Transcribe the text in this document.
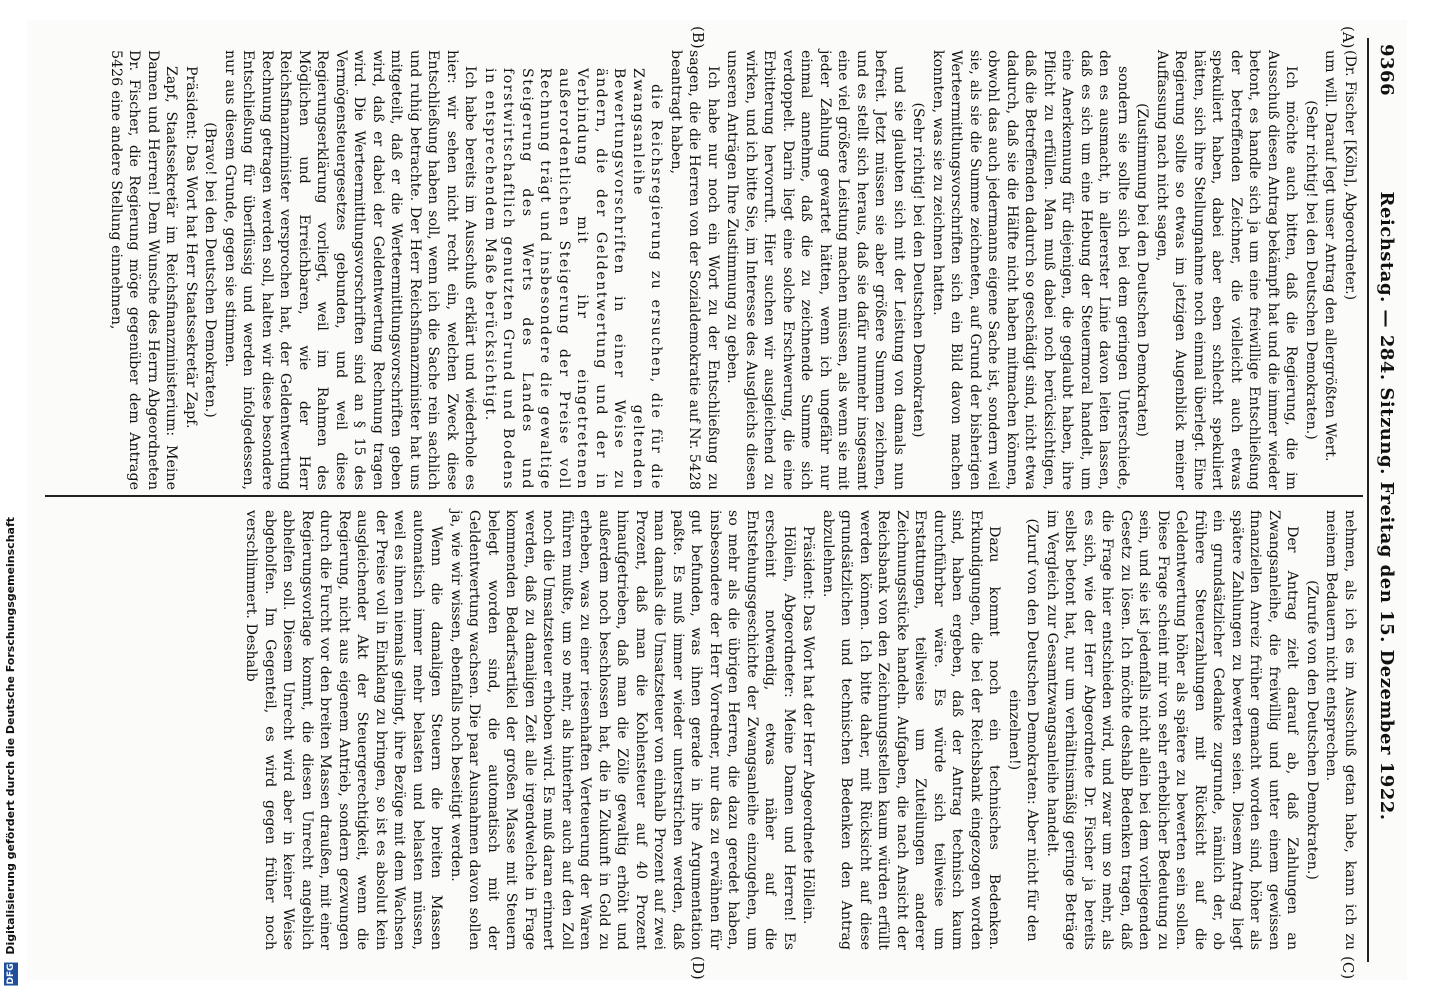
9366
Reichstag. — 284. Sitzung. Freitag den 15. Dezember 1922.
(A)
(B)
(C)
(D)

(Dr. Fischer [Köln], Abgeordneter.)

um will. Darauf legt unser Antrag den allergrößten Wert.

(Sehr richtig! bei den Deutschen Demokraten.)

Ich möchte auch bitten, daß die Regierung, die im Ausschuß diesen Antrag bekämpft hat und die immer wieder betont, es handle sich ja um eine freiwillige Entschließung der betreffenden Zeichner, die vielleicht auch etwas spekuliert haben, dabei aber eben schlecht spekuliert hätten, sich ihre Stellungnahme noch einmal überlegt. Eine Regierung sollte so etwas im jetzigen Augenblick meiner Auffassung nach nicht sagen,

(Zustimmung bei den Deutschen Demokraten)

sondern sie sollte sich bei dem geringen Unterschiede, den es ausmacht, in allererster Linie davon leiten lassen, daß es sich um eine Hebung der Steuermoral handelt, um eine Anerkennung für diejenigen, die geglaubt haben, ihre Pflicht zu erfüllen. Man muß dabei noch berücksichtigen, daß die Betreffenden dadurch so geschädigt sind, nicht etwa dadurch, daß sie die Hälfte nicht haben mitmachen können, obwohl das auch jedermanns eigene Sache ist, sondern weil sie, als sie die Summe zeichneten, auf Grund der bisherigen Werteermittlungsvorschriften sich ein Bild davon machen konnten, was sie zu zeichnen hatten.

(Sehr richtig! bei den Deutschen Demokraten)

und sie glaubten sich mit der Leistung von damals nun befreit. Jetzt müssen sie aber größere Summen zeichnen, und es stellt sich heraus, daß sie dafür nunmehr insgesamt eine viel größere Leistung machen müssen, als wenn sie mit jeder Zahlung gewartet hätten, wenn ich ungefähr nur einmal annehme, daß die zu zeichnende Summe sich verdoppelt. Darin liegt eine solche Erschwerung, die eine Erbitterung hervorruft. Hier suchen wir ausgleichend zu wirken, und ich bitte Sie, im Interesse des Ausgleichs diesen unseren Anträgen Ihre Zustimmung zu geben.

Ich habe nur noch ein Wort zu der Entschließung zu sagen, die die Herren von der Sozialdemokratie auf Nr. 5428 beantragt haben,

die Reichsregierung zu ersuchen, die für die Zwangsanleihe geltenden Bewertungsvorschriften in einer Weise zu ändern, die der Geldentwertung und der in Verbindung mit ihr eingetretenen außerordentlichen Steigerung der Preise voll Rechnung trägt und insbesondere die gewaltige Steigerung des Werts des Landes und forstwirtschaftlich genutzten Grund und Bodens in entsprechendem Maße berücksichtigt.

Ich habe bereits im Ausschuß erklärt und wiederhole es hier: wir sehen nicht recht ein, welchen Zweck diese Entschließung haben soll, wenn ich die Sache rein sachlich und ruhig betrachte. Der Herr Reichsfinanzminister hat uns mitgeteilt, daß er die Werteermittlungsvorschriften geben wird, daß er dabei der Geldentwertung Rechnung tragen wird. Die Werteermittlungsvorschriften sind an § 15 des Vermögensteuergesetzes gebunden, und weil diese Regierungserklärung vorliegt, weil im Rahmen des Möglichen und Erreichbaren, wie der Herr Reichsfinanzminister versprochen hat, der Geldentwertung Rechnung getragen werden soll, halten wir diese besondere Entschließung für überflüssig und werden infolgedessen, nur aus diesem Grunde, gegen sie stimmen.

(Bravo! bei den Deutschen Demokraten.)

Präsident: Das Wort hat Herr Staatssekretär Zapf.

Zapf, Staatssekretär im Reichsfinanzministerium: Meine Damen und Herren! Dem Wunsche des Herrn Abgeordneten Dr. Fischer, die Regierung möge gegenüber dem Antrage 5426 eine andere Stellung einnehmen,

nehmen, als ich es im Ausschuß getan habe, kann ich zu meinem Bedauern nicht entsprechen.

(Zurufe von den Deutschen Demokraten.)

Der Antrag zielt darauf ab, daß Zahlungen an Zwangsanleihe, die freiwillig und unter einem gewissen finanziellen Anreiz früher gemacht worden sind, höher als spätere Zahlungen zu bewerten seien. Diesem Antrag liegt ein grundsätzlicher Gedanke zugrunde, nämlich der, ob frühere Steuerzahlungen mit Rücksicht auf die Geldentwertung höher als spätere zu bewerten sein sollen. Diese Frage scheint mir von sehr erheblicher Bedeutung zu sein, und sie ist jedenfalls nicht allein bei dem vorliegenden Gesetz zu lösen. Ich möchte deshalb Bedenken tragen, daß die Frage hier entschieden wird, und zwar um so mehr, als es sich, wie der Herr Abgeordnete Dr. Fischer ja bereits selbst betont hat, nur um verhältnismäßig geringe Beträge im Vergleich zur Gesamtzwangsanleihe handelt.

(Zuruf von den Deutschen Demokraten: Aber nicht für den einzelnen!)

Dazu kommt noch ein technisches Bedenken. Erkundigungen, die bei der Reichsbank eingezogen worden sind, haben ergeben, daß der Antrag technisch kaum durchführbar wäre. Es würde sich teilweise um Erstattungen, teilweise um Zuteilungen anderer Zeichnungsstücke handeln. Aufgaben, die nach Ansicht der Reichsbank von den Zeichnungsstellen kaum würden erfüllt werden können. Ich bitte daher, mit Rücksicht auf diese grundsätzlichen und technischen Bedenken den Antrag abzulehnen.

Präsident: Das Wort hat der Herr Abgeordnete Höllein.

Höllein, Abgeordneter: Meine Damen und Herren! Es erscheint notwendig, etwas näher auf die Entstehungsgeschichte der Zwangsanleihe einzugehen, um so mehr als die übrigen Herren, die dazu geredet haben, insbesondere der Herr Vorredner, nur das zu erwähnen für gut befunden, was ihnen gerade in ihre Argumentation paßte. Es muß immer wieder unterstrichen werden, daß man damals die Umsatzsteuer von einhalb Prozent auf zwei Prozent, daß man die Kohlensteuer auf 40 Prozent hinaufgetrieben, daß man die Zölle gewaltig erhöht und außerdem noch beschlossen hat, die in Zukunft in Gold zu erheben, was zu einer riesenhaften Verteuerung der Waren führen mußte, um so mehr, als hinterher auch auf den Zoll noch die Umsatzsteuer erhoben wird. Es muß daran erinnert werden, daß zu damaligen Zeit alle irgendwelche in Frage kommenden Bedarfsartikel der großen Masse mit Steuern belegt worden sind, die automatisch mit der Geldentwertung wachsen. Die paar Ausnahmen davon sollen ja, wie wir wissen, ebenfalls noch beseitigt werden.

Wenn die damaligen Steuern die breiten Massen automatisch immer mehr belasten und belasten müssen, weil es ihnen niemals gelingt, ihre Bezüge mit dem Wachsen der Preise voll in Einklang zu bringen, so ist es absolut kein ausgleichender Akt der Steuergerechtigkeit, wenn die Regierung, nicht aus eigenem Antrieb, sondern gezwungen durch die Furcht vor den breiten Massen draußen, mit einer Regierungsvorlage kommt, die diesen Unrecht angeblich abhelfen soll. Diesem Unrecht wird aber in keiner Weise abgeholfen. Im Gegenteil, es wird gegen früher noch verschlimmert. Deshalb

DFG Digitalisierung gefördert durch die Deutsche Forschungsgemeinschaft
